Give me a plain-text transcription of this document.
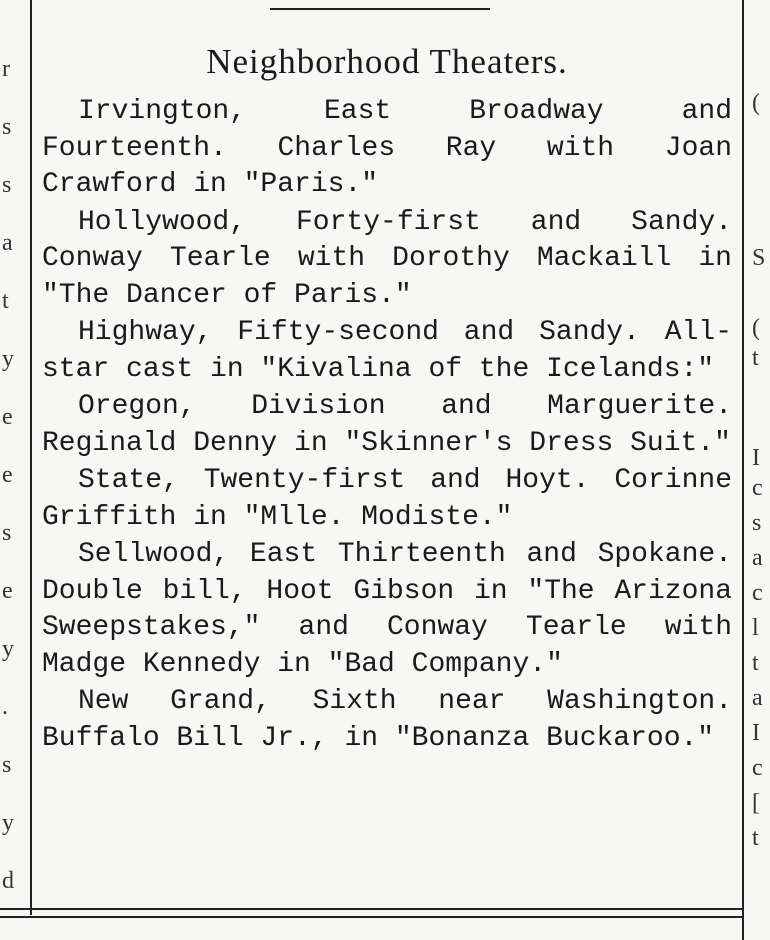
r
s
s
a
t
y
e
e
s
e
y
.
s
y
d
(
S
(
t
I
c
s
a
c
l
t
a
I
c
[
t
Neighborhood Theaters.

Irvington, East Broadway and Fourteenth. Charles Ray with Joan Crawford in "Paris."

Hollywood, Forty-first and Sandy. Conway Tearle with Dorothy Mackaill in "The Dancer of Paris."

Highway, Fifty-second and Sandy. All-star cast in "Kivalina of the Icelands:"

Oregon, Division and Marguerite. Reginald Denny in "Skinner's Dress Suit."

State, Twenty-first and Hoyt. Corinne Griffith in "Mlle. Modiste."

Sellwood, East Thirteenth and Spokane. Double bill, Hoot Gibson in "The Arizona Sweepstakes," and Conway Tearle with Madge Kennedy in "Bad Company."

New Grand, Sixth near Washington. Buffalo Bill Jr., in "Bonanza Buckaroo."
